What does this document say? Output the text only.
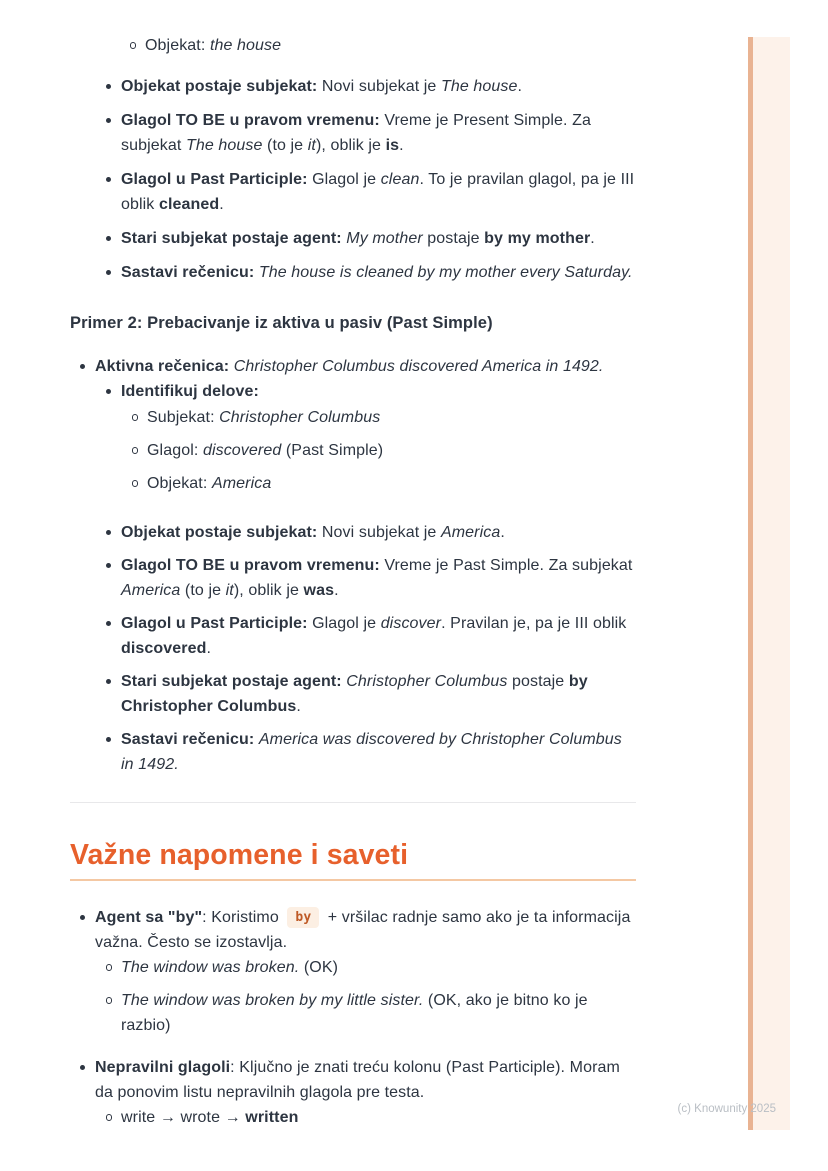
Objekat: the house
Objekat postaje subjekat: Novi subjekat je The house.
Glagol TO BE u pravom vremenu: Vreme je Present Simple. Za subjekat The house (to je it), oblik je is.
Glagol u Past Participle: Glagol je clean. To je pravilan glagol, pa je III oblik cleaned.
Stari subjekat postaje agent: My mother postaje by my mother.
Sastavi rečenicu: The house is cleaned by my mother every Saturday.
Primer 2: Prebacivanje iz aktiva u pasiv (Past Simple)
Aktivna rečenica: Christopher Columbus discovered America in 1492.
Identifikuj delove:
Subjekat: Christopher Columbus
Glagol: discovered (Past Simple)
Objekat: America
Objekat postaje subjekat: Novi subjekat je America.
Glagol TO BE u pravom vremenu: Vreme je Past Simple. Za subjekat America (to je it), oblik je was.
Glagol u Past Participle: Glagol je discover. Pravilan je, pa je III oblik discovered.
Stari subjekat postaje agent: Christopher Columbus postaje by Christopher Columbus.
Sastavi rečenicu: America was discovered by Christopher Columbus in 1492.
Važne napomene i saveti
Agent sa "by": Koristimo by + vršilac radnje samo ako je ta informacija važna. Često se izostavlja.
The window was broken. (OK)
The window was broken by my little sister. (OK, ako je bitno ko je razbio)
Nepravilni glagoli: Ključno je znati treću kolonu (Past Participle). Moram da ponovim listu nepravilnih glagola pre testa.
write → wrote → written
(c) Knowunity 2025
